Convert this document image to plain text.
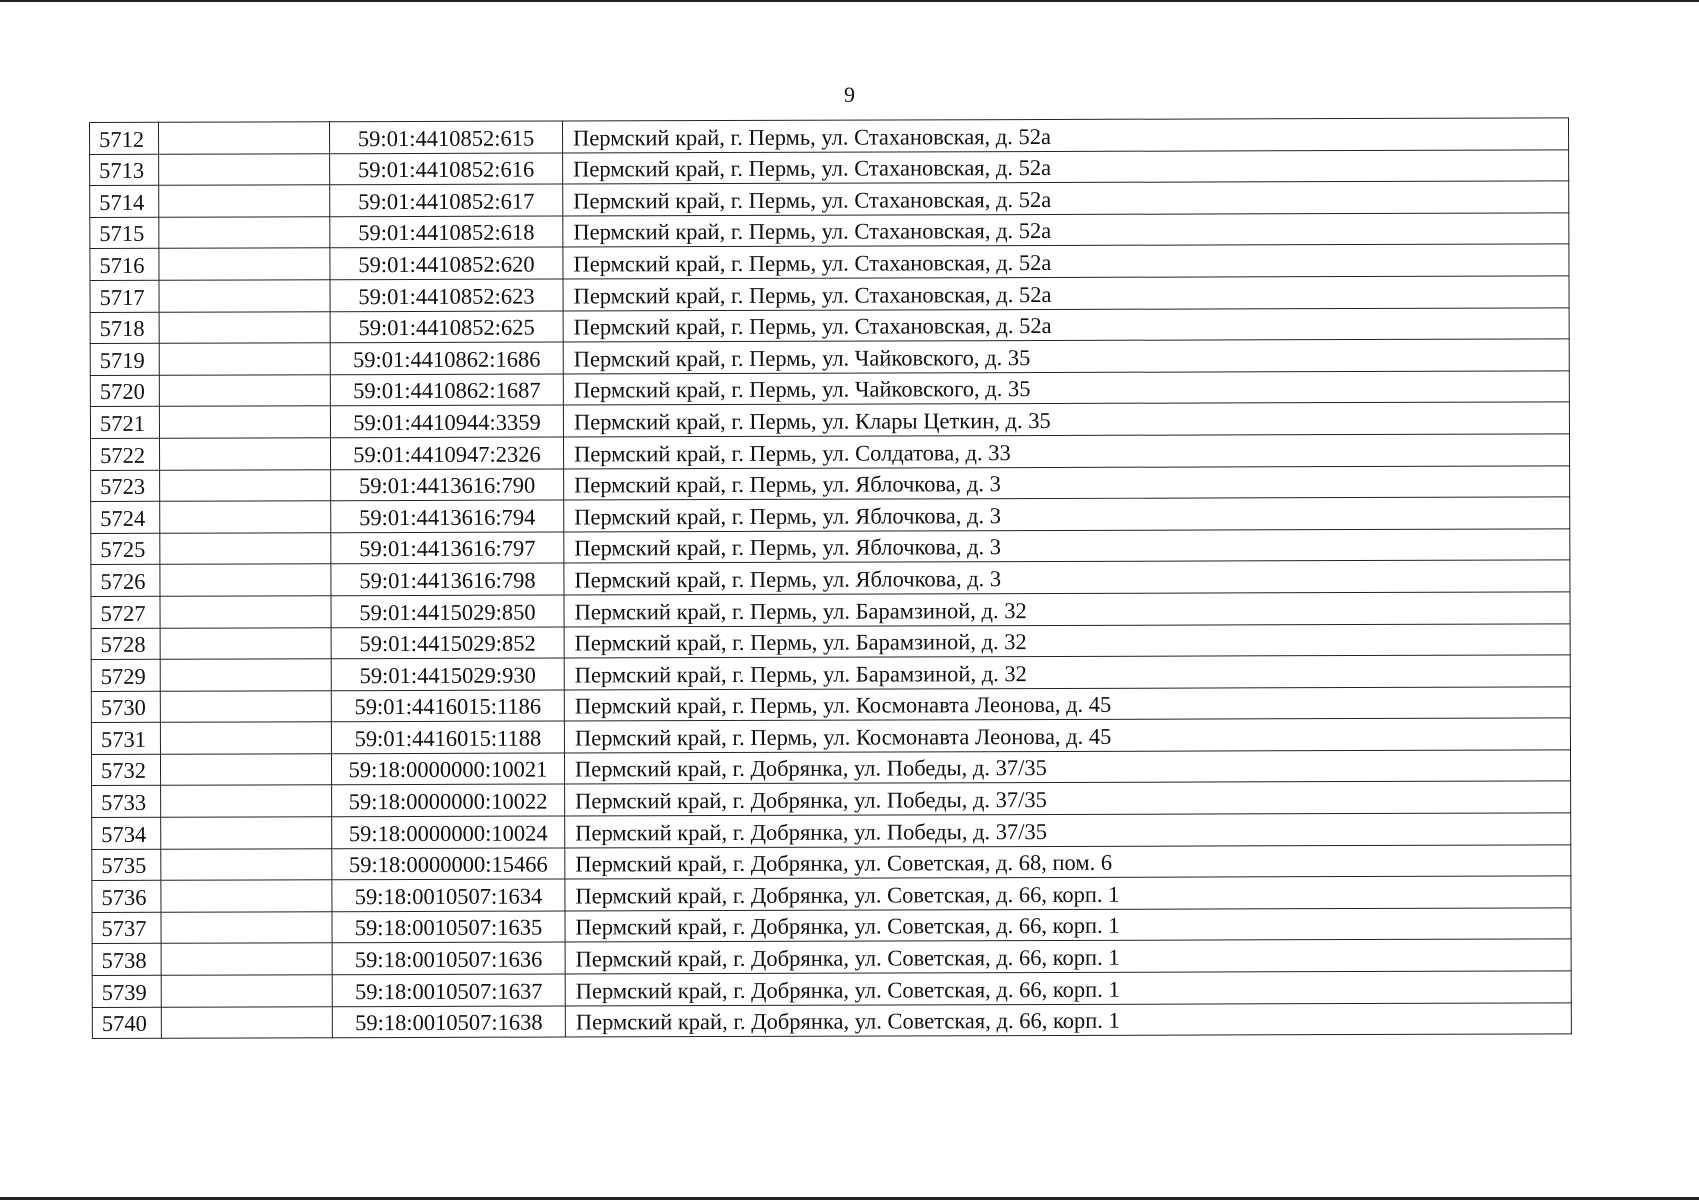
9
5712		59:01:4410852:615	Пермский край, г. Пермь, ул. Стахановская, д. 52а
5713		59:01:4410852:616	Пермский край, г. Пермь, ул. Стахановская, д. 52а
5714		59:01:4410852:617	Пермский край, г. Пермь, ул. Стахановская, д. 52а
5715		59:01:4410852:618	Пермский край, г. Пермь, ул. Стахановская, д. 52а
5716		59:01:4410852:620	Пермский край, г. Пермь, ул. Стахановская, д. 52а
5717		59:01:4410852:623	Пермский край, г. Пермь, ул. Стахановская, д. 52а
5718		59:01:4410852:625	Пермский край, г. Пермь, ул. Стахановская, д. 52а
5719		59:01:4410862:1686	Пермский край, г. Пермь, ул. Чайковского, д. 35
5720		59:01:4410862:1687	Пермский край, г. Пермь, ул. Чайковского, д. 35
5721		59:01:4410944:3359	Пермский край, г. Пермь, ул. Клары Цеткин, д. 35
5722		59:01:4410947:2326	Пермский край, г. Пермь, ул. Солдатова, д. 33
5723		59:01:4413616:790	Пермский край, г. Пермь, ул. Яблочкова, д. 3
5724		59:01:4413616:794	Пермский край, г. Пермь, ул. Яблочкова, д. 3
5725		59:01:4413616:797	Пермский край, г. Пермь, ул. Яблочкова, д. 3
5726		59:01:4413616:798	Пермский край, г. Пермь, ул. Яблочкова, д. 3
5727		59:01:4415029:850	Пермский край, г. Пермь, ул. Барамзиной, д. 32
5728		59:01:4415029:852	Пермский край, г. Пермь, ул. Барамзиной, д. 32
5729		59:01:4415029:930	Пермский край, г. Пермь, ул. Барамзиной, д. 32
5730		59:01:4416015:1186	Пермский край, г. Пермь, ул. Космонавта Леонова, д. 45
5731		59:01:4416015:1188	Пермский край, г. Пермь, ул. Космонавта Леонова, д. 45
5732		59:18:0000000:10021	Пермский край, г. Добрянка, ул. Победы, д. 37/35
5733		59:18:0000000:10022	Пермский край, г. Добрянка, ул. Победы, д. 37/35
5734		59:18:0000000:10024	Пермский край, г. Добрянка, ул. Победы, д. 37/35
5735		59:18:0000000:15466	Пермский край, г. Добрянка, ул. Советская, д. 68, пом. 6
5736		59:18:0010507:1634	Пермский край, г. Добрянка, ул. Советская, д. 66, корп. 1
5737		59:18:0010507:1635	Пермский край, г. Добрянка, ул. Советская, д. 66, корп. 1
5738		59:18:0010507:1636	Пермский край, г. Добрянка, ул. Советская, д. 66, корп. 1
5739		59:18:0010507:1637	Пермский край, г. Добрянка, ул. Советская, д. 66, корп. 1
5740		59:18:0010507:1638	Пермский край, г. Добрянка, ул. Советская, д. 66, корп. 1
